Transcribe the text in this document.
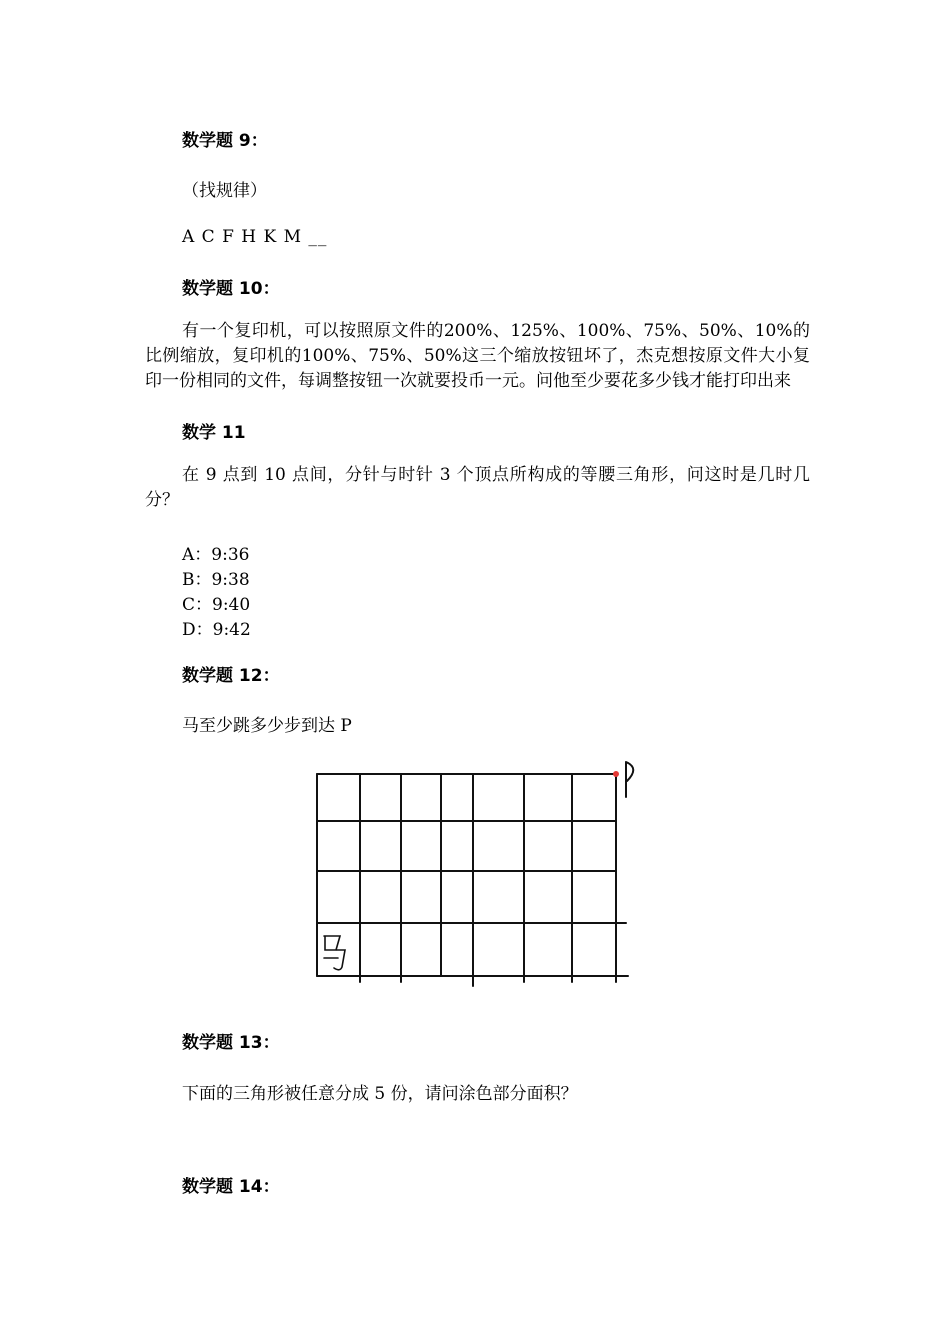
数学题 9：

（找规律）

A C F H K M __

数学题 10：

有一个复印机，可以按照原文件的200%、125%、100%、75%、50%、10%的比例缩放，复印机的100%、75%、50%这三个缩放按钮坏了，杰克想按原文件大小复印一份相同的文件，每调整按钮一次就要投币一元。问他至少要花多少钱才能打印出来

数学 11

在 9 点到 10 点间，分针与时针 3 个顶点所构成的等腰三角形，问这时是几时几分？

A：9:36

B：9:38

C：9:40

D：9:42

数学题 12：

马至少跳多少步到达 P

数学题 13：

下面的三角形被任意分成 5 份，请问涂色部分面积？

数学题 14：
